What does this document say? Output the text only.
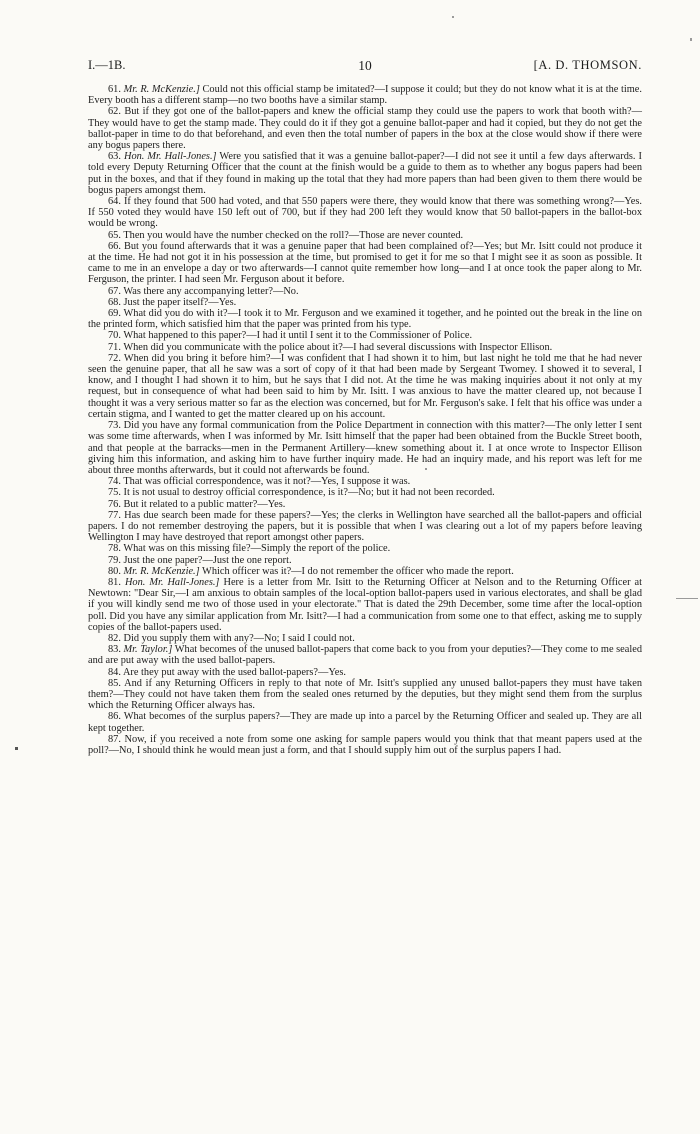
I.—1B.	10	[A. D. THOMSON.

61. Mr. R. McKenzie.] Could not this official stamp be imitated?—I suppose it could; but they do not know what it is at the time. Every booth has a different stamp—no two booths have a similar stamp.

62. But if they got one of the ballot-papers and knew the official stamp they could use the papers to work that booth with?—They would have to get the stamp made. They could do it if they got a genuine ballot-paper and had it copied, but they do not get the ballot-paper in time to do that beforehand, and even then the total number of papers in the box at the close would show if there were any bogus papers there.

63. Hon. Mr. Hall-Jones.] Were you satisfied that it was a genuine ballot-paper?—I did not see it until a few days afterwards. I told every Deputy Returning Officer that the count at the finish would be a guide to them as to whether any bogus papers had been put in the boxes, and that if they found in making up the total that they had more papers than had been given to them there would be bogus papers amongst them.

64. If they found that 500 had voted, and that 550 papers were there, they would know that there was something wrong?—Yes. If 550 voted they would have 150 left out of 700, but if they had 200 left they would know that 50 ballot-papers in the ballot-box would be wrong.

65. Then you would have the number checked on the roll?—Those are never counted.

66. But you found afterwards that it was a genuine paper that had been complained of?—Yes; but Mr. Isitt could not produce it at the time. He had not got it in his possession at the time, but promised to get it for me so that I might see it as soon as possible. It came to me in an envelope a day or two afterwards—I cannot quite remember how long—and I at once took the paper along to Mr. Ferguson, the printer. I had seen Mr. Ferguson about it before.

67. Was there any accompanying letter?—No.

68. Just the paper itself?—Yes.

69. What did you do with it?—I took it to Mr. Ferguson and we examined it together, and he pointed out the break in the line on the printed form, which satisfied him that the paper was printed from his type.

70. What happened to this paper?—I had it until I sent it to the Commissioner of Police.

71. When did you communicate with the police about it?—I had several discussions with Inspector Ellison.

72. When did you bring it before him?—I was confident that I had shown it to him, but last night he told me that he had never seen the genuine paper, that all he saw was a sort of copy of it that had been made by Sergeant Twomey. I showed it to several, I know, and I thought I had shown it to him, but he says that I did not. At the time he was making inquiries about it not only at my request, but in consequence of what had been said to him by Mr. Isitt. I was anxious to have the matter cleared up, not because I thought it was a very serious matter so far as the election was concerned, but for Mr. Ferguson's sake. I felt that his office was under a certain stigma, and I wanted to get the matter cleared up on his account.

73. Did you have any formal communication from the Police Department in connection with this matter?—The only letter I sent was some time afterwards, when I was informed by Mr. Isitt himself that the paper had been obtained from the Buckle Street booth, and that people at the barracks—men in the Permanent Artillery—knew something about it. I at once wrote to Inspector Ellison giving him this information, and asking him to have further inquiry made. He had an inquiry made, and his report was left for me about three months afterwards, but it could not afterwards be found.

74. That was official correspondence, was it not?—Yes, I suppose it was.

75. It is not usual to destroy official correspondence, is it?—No; but it had not been recorded.

76. But it related to a public matter?—Yes.

77. Has due search been made for these papers?—Yes; the clerks in Wellington have searched all the ballot-papers and official papers. I do not remember destroying the papers, but it is possible that when I was clearing out a lot of my papers before leaving Wellington I may have destroyed that report amongst other papers.

78. What was on this missing file?—Simply the report of the police.

79. Just the one paper?—Just the one report.

80. Mr. R. McKenzie.] Which officer was it?—I do not remember the officer who made the report.

81. Hon. Mr. Hall-Jones.] Here is a letter from Mr. Isitt to the Returning Officer at Nelson and to the Returning Officer at Newtown: "Dear Sir,—I am anxious to obtain samples of the local-option ballot-papers used in various electorates, and shall be glad if you will kindly send me two of those used in your electorate." That is dated the 29th December, some time after the local-option poll. Did you have any similar application from Mr. Isitt?—I had a communication from some one to that effect, asking me to supply copies of the ballot-papers used.

82. Did you supply them with any?—No; I said I could not.

83. Mr. Taylor.] What becomes of the unused ballot-papers that come back to you from your deputies?—They come to me sealed and are put away with the used ballot-papers.

84. Are they put away with the used ballot-papers?—Yes.

85. And if any Returning Officers in reply to that note of Mr. Isitt's supplied any unused ballot-papers they must have taken them?—They could not have taken them from the sealed ones returned by the deputies, but they might send them from the surplus which the Returning Officer always has.

86. What becomes of the surplus papers?—They are made up into a parcel by the Returning Officer and sealed up. They are all kept together.

87. Now, if you received a note from some one asking for sample papers would you think that that meant papers used at the poll?—No, I should think he would mean just a form, and that I should supply him out of the surplus papers I had.
